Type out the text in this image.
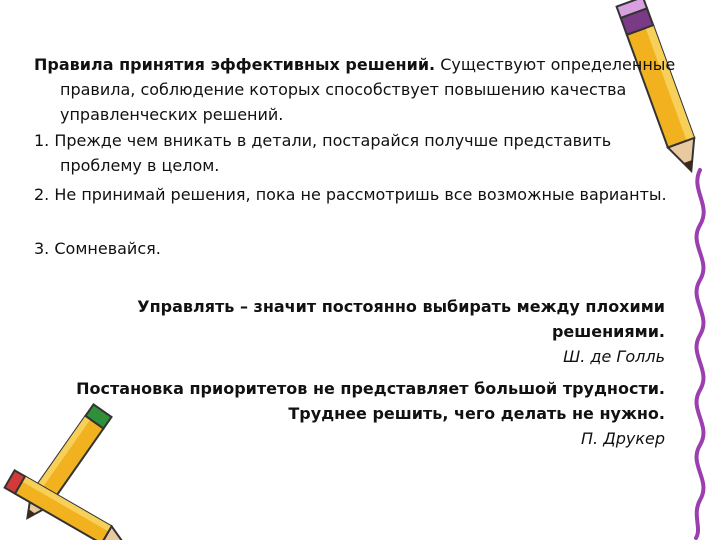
Правила принятия эффективных решений. Существуют определенные правила, соблюдение которых способствует повышению качества управленческих решений.

1. Прежде чем вникать в детали, постарайся получше представить проблему в целом.

2. Не принимай решения, пока не рассмотришь все возможные варианты.

3. Сомневайся.

Управлять – значит постоянно выбирать между плохими решениями.
Ш. де Голль
Постановка приоритетов не представляет большой трудности. Труднее решить, чего делать не нужно.
П. Друкер
